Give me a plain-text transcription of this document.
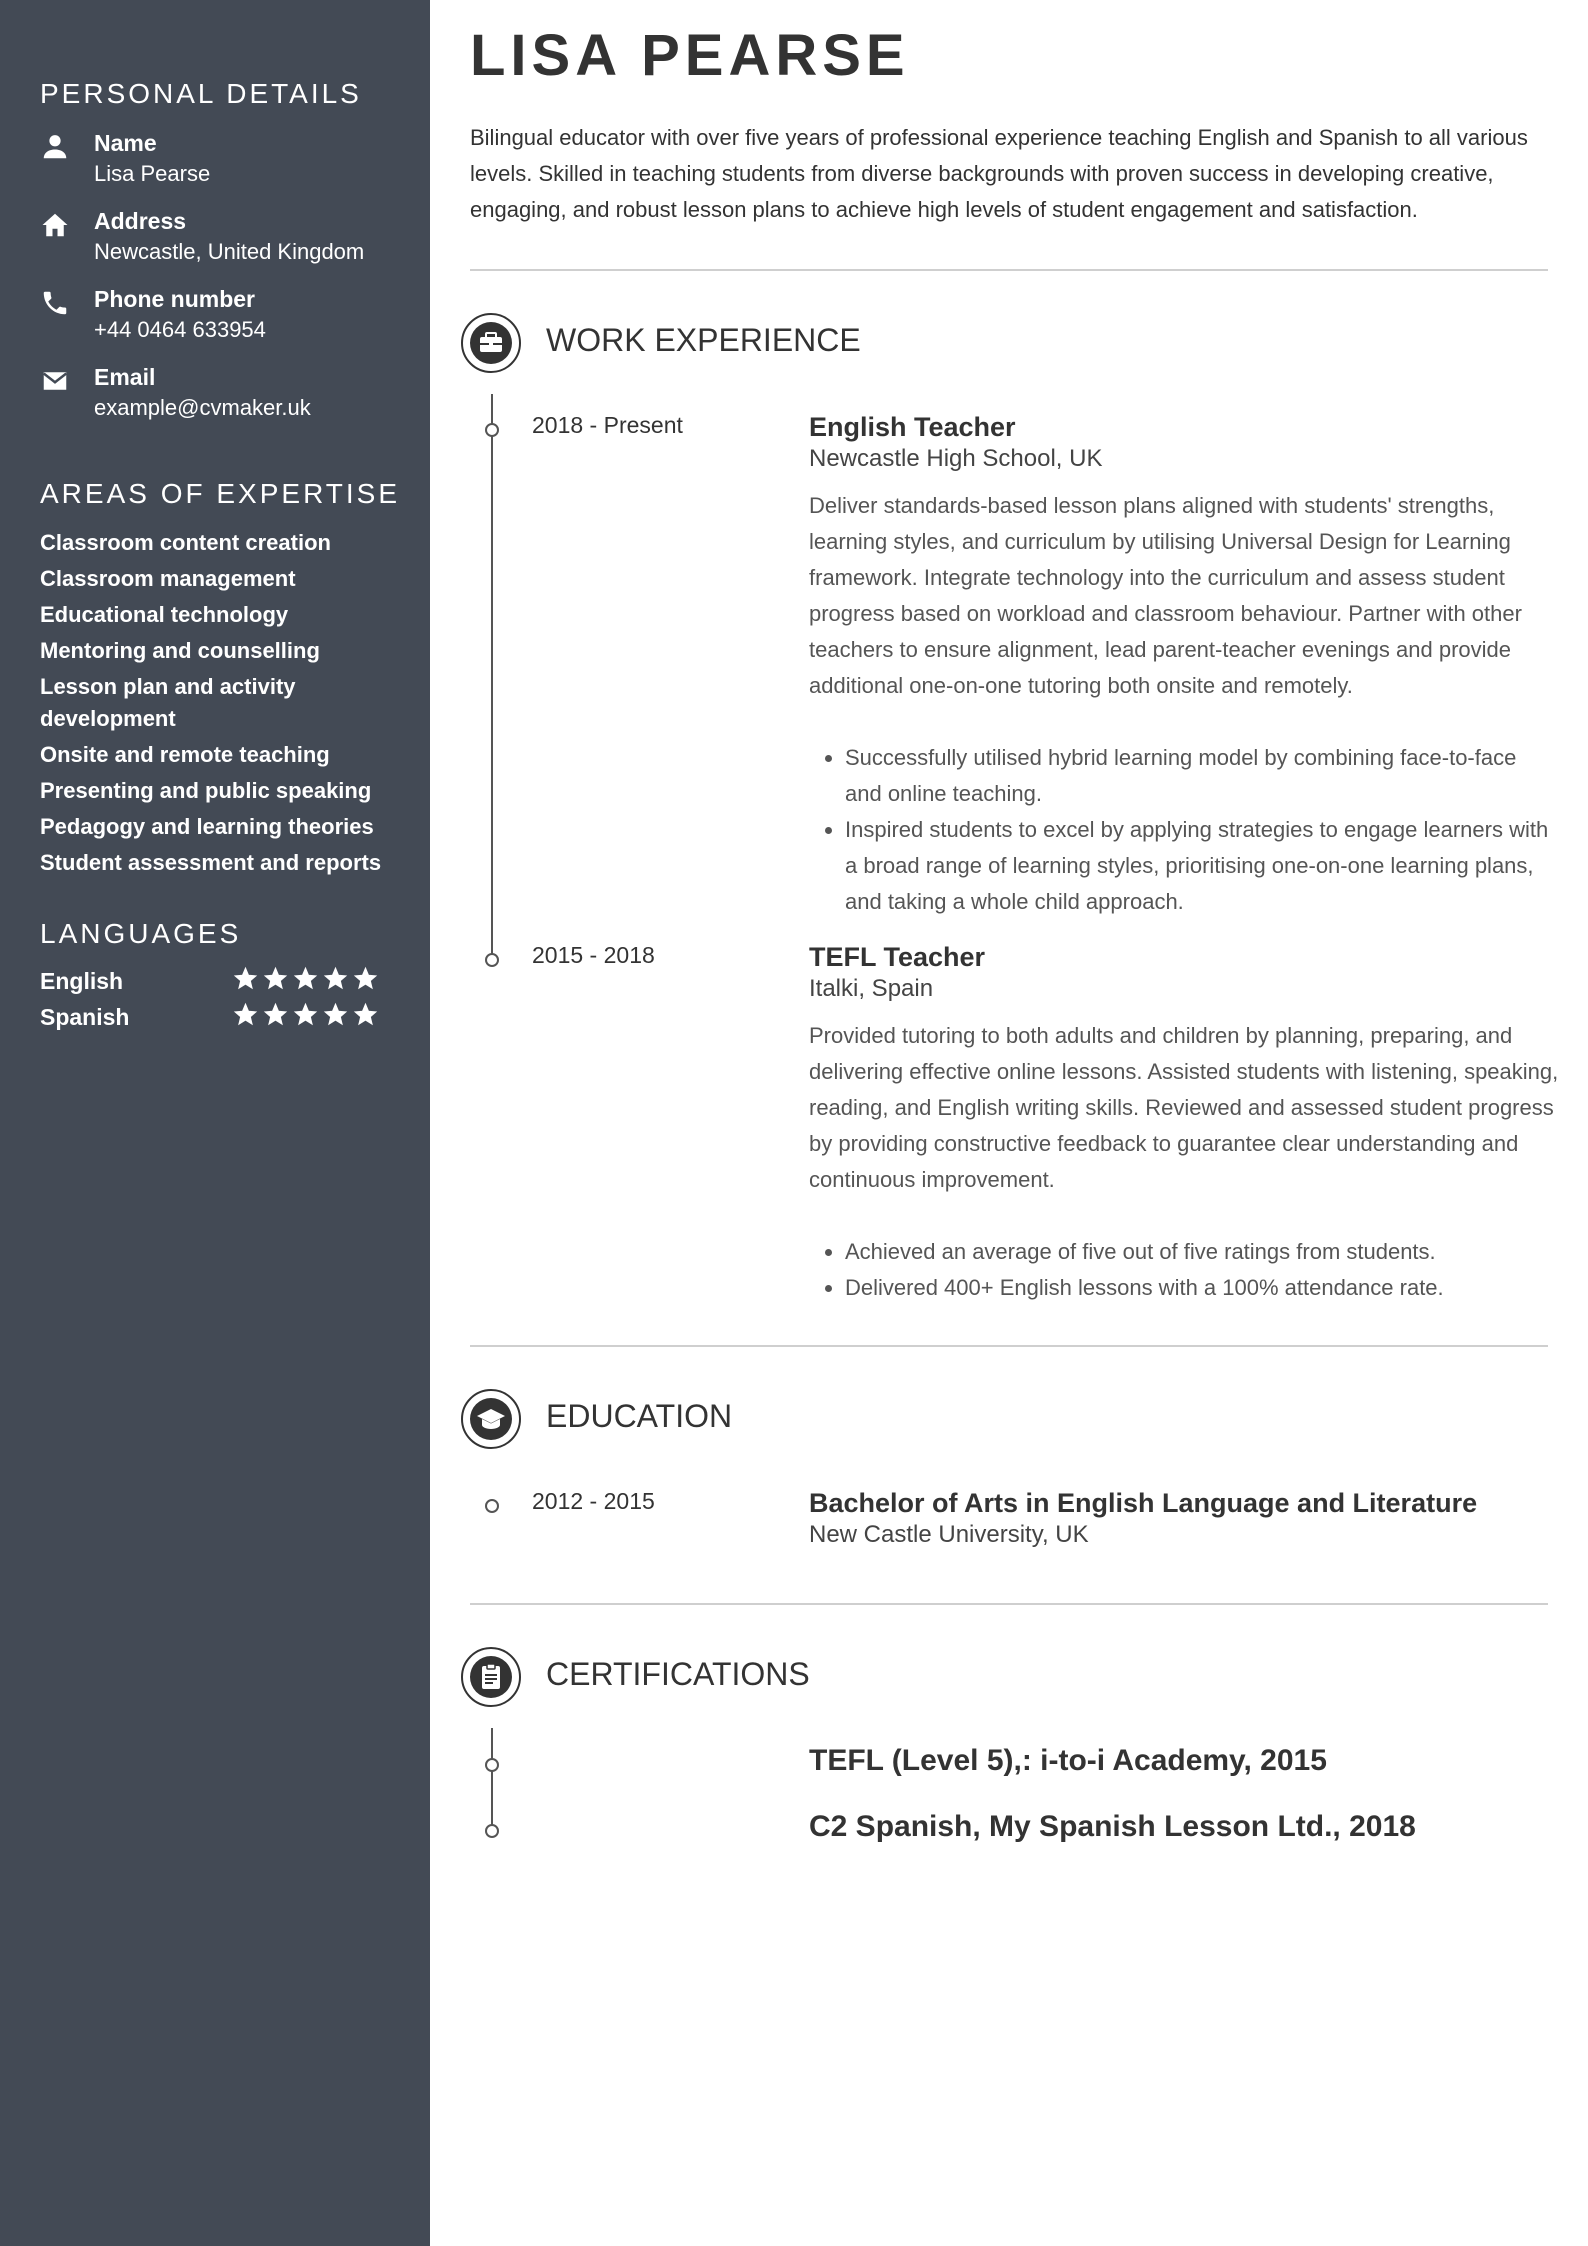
PERSONAL DETAILS
Name
Lisa Pearse
Address
Newcastle, United Kingdom
Phone number
+44 0464 633954
Email
example@cvmaker.uk
AREAS OF EXPERTISE
Classroom content creation
Classroom management
Educational technology
Mentoring and counselling
Lesson plan and activity development
Onsite and remote teaching
Presenting and public speaking
Pedagogy and learning theories
Student assessment and reports
LANGUAGES
English
Spanish
LISA PEARSE

Bilingual educator with over five years of professional experience teaching English and Spanish to all various levels. Skilled in teaching students from diverse backgrounds with proven success in developing creative, engaging, and robust lesson plans to achieve high levels of student engagement and satisfaction.

WORK EXPERIENCE
2018 - Present	English Teacher

Newcastle High School, UK

Deliver standards-based lesson plans aligned with students' strengths, learning styles, and curriculum by utilising Universal Design for Learning framework. Integrate technology into the curriculum and assess student progress based on workload and classroom behaviour. Partner with other teachers to ensure alignment, lead parent-teacher evenings and provide additional one-on-one tutoring both onsite and remotely.

• Successfully utilised hybrid learning model by combining face-to-face and online teaching.
• Inspired students to excel by applying strategies to engage learners with a broad range of learning styles, prioritising one-on-one learning plans, and taking a whole child approach.
2015 - 2018	TEFL Teacher

Italki, Spain

Provided tutoring to both adults and children by planning, preparing, and delivering effective online lessons. Assisted students with listening, speaking, reading, and English writing skills. Reviewed and assessed student progress by providing constructive feedback to guarantee clear understanding and continuous improvement.

• Achieved an average of five out of five ratings from students.
• Delivered 400+ English lessons with a 100% attendance rate.
EDUCATION
2012 - 2015	Bachelor of Arts in English Language and Literature

New Castle University, UK

CERTIFICATIONS
TEFL (Level 5),: i-to-i Academy, 2015
C2 Spanish, My Spanish Lesson Ltd., 2018
